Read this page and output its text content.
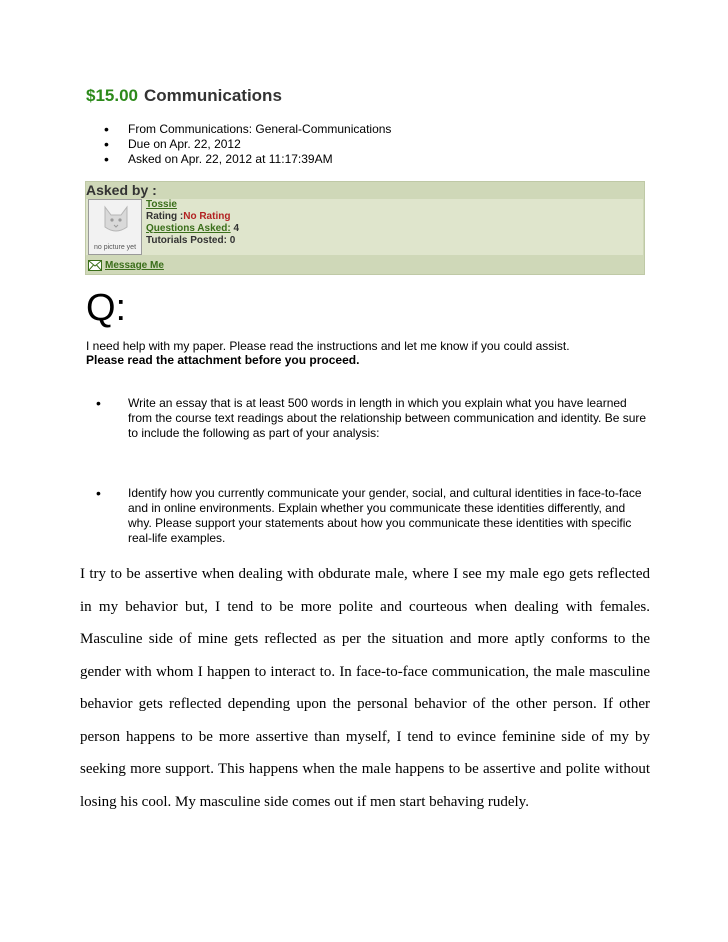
$15.00 Communications
• From Communications: General-Communications
• Due on Apr. 22, 2012
• Asked on Apr. 22, 2012 at 11:17:39AM
Asked by :
no picture yet
Tossie
Rating :No Rating
Questions Asked: 4
Tutorials Posted: 0
Message Me
Q:
I need help with my paper. Please read the instructions and let me know if you could assist.
Please read the attachment before you proceed.
• Write an essay that is at least 500 words in length in which you explain what you have learned from the course text readings about the relationship between communication and identity. Be sure to include the following as part of your analysis:
• Identify how you currently communicate your gender, social, and cultural identities in face-to-face and in online environments. Explain whether you communicate these identities differently, and why. Please support your statements about how you communicate these identities with specific real-life examples.
I try to be assertive when dealing with obdurate male, where I see my male ego gets reflected in my behavior but, I tend to be more polite and courteous when dealing with females. Masculine side of mine gets reflected as per the situation and more aptly conforms to the gender with whom I happen to interact to. In face-to-face communication, the male masculine behavior gets reflected depending upon the personal behavior of the other person. If other person happens to be more assertive than myself, I tend to evince feminine side of my by seeking more support. This happens when the male happens to be assertive and polite without losing his cool. My masculine side comes out if men start behaving rudely.
